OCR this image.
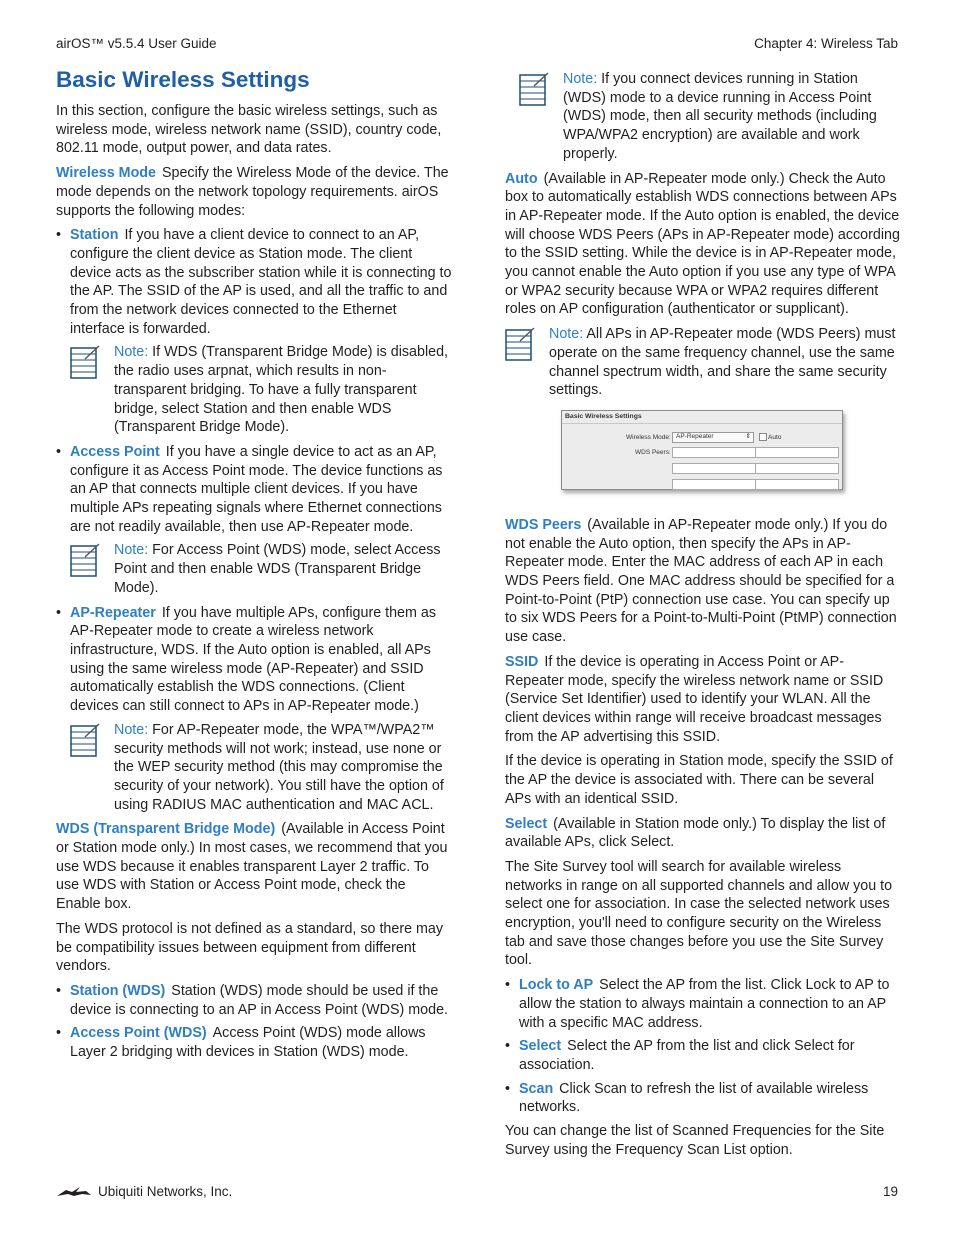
airOS™ v5.5.4 User Guide	Chapter 4: Wireless Tab
Basic Wireless Settings

In this section, configure the basic wireless settings, such as wireless mode, wireless network name (SSID), country code, 802.11 mode, output power, and data rates.

Wireless Mode Specify the Wireless Mode of the device. The mode depends on the network topology requirements. airOS supports the following modes:

• Station If you have a client device to connect to an AP, configure the client device as Station mode. The client device acts as the subscriber station while it is connecting to the AP. The SSID of the AP is used, and all the traffic to and from the network devices connected to the Ethernet interface is forwarded.
Note: If WDS (Transparent Bridge Mode) is disabled, the radio uses arpnat, which results in non-transparent bridging. To have a fully transparent bridge, select Station and then enable WDS (Transparent Bridge Mode).
• Access Point If you have a single device to act as an AP, configure it as Access Point mode. The device functions as an AP that connects multiple client devices. If you have multiple APs repeating signals where Ethernet connections are not readily available, then use AP-Repeater mode.
Note: For Access Point (WDS) mode, select Access Point and then enable WDS (Transparent Bridge Mode).
• AP-Repeater If you have multiple APs, configure them as AP-Repeater mode to create a wireless network infrastructure, WDS. If the Auto option is enabled, all APs using the same wireless mode (AP-Repeater) and SSID automatically establish the WDS connections. (Client devices can still connect to APs in AP-Repeater mode.)
Note: For AP-Repeater mode, the WPA™/WPA2™ security methods will not work; instead, use none or the WEP security method (this may compromise the security of your network). You still have the option of using RADIUS MAC authentication and MAC ACL.

WDS (Transparent Bridge Mode) (Available in Access Point or Station mode only.) In most cases, we recommend that you use WDS because it enables transparent Layer 2 traffic. To use WDS with Station or Access Point mode, check the Enable box.

The WDS protocol is not defined as a standard, so there may be compatibility issues between equipment from different vendors.

• Station (WDS) Station (WDS) mode should be used if the device is connecting to an AP in Access Point (WDS) mode.
• Access Point (WDS) Access Point (WDS) mode allows Layer 2 bridging with devices in Station (WDS) mode.
Note: If you connect devices running in Station (WDS) mode to a device running in Access Point (WDS) mode, then all security methods (including WPA/WPA2 encryption) are available and work properly.

Auto (Available in AP-Repeater mode only.) Check the Auto box to automatically establish WDS connections between APs in AP-Repeater mode. If the Auto option is enabled, the device will choose WDS Peers (APs in AP-Repeater mode) according to the SSID setting. While the device is in AP-Repeater mode, you cannot enable the Auto option if you use any type of WPA or WPA2 security because WPA or WPA2 requires different roles on AP configuration (authenticator or supplicant).

Note: All APs in AP-Repeater mode (WDS Peers) must operate on the same frequency channel, use the same channel spectrum width, and share the same security settings.
Basic Wireless Settings
Wireless Mode: AP-Repeater	⇕	Auto
WDS Peers:

WDS Peers (Available in AP-Repeater mode only.) If you do not enable the Auto option, then specify the APs in AP-Repeater mode. Enter the MAC address of each AP in each WDS Peers field. One MAC address should be specified for a Point-to-Point (PtP) connection use case. You can specify up to six WDS Peers for a Point-to-Multi-Point (PtMP) connection use case.

SSID If the device is operating in Access Point or AP-Repeater mode, specify the wireless network name or SSID (Service Set Identifier) used to identify your WLAN. All the client devices within range will receive broadcast messages from the AP advertising this SSID.

If the device is operating in Station mode, specify the SSID of the AP the device is associated with. There can be several APs with an identical SSID.

Select (Available in Station mode only.) To display the list of available APs, click Select.

The Site Survey tool will search for available wireless networks in range on all supported channels and allow you to select one for association. In case the selected network uses encryption, you'll need to configure security on the Wireless tab and save those changes before you use the Site Survey tool.

• Lock to AP Select the AP from the list. Click Lock to AP to allow the station to always maintain a connection to an AP with a specific MAC address.
• Select Select the AP from the list and click Select for association.
• Scan Click Scan to refresh the list of available wireless networks.

You can change the list of Scanned Frequencies for the Site Survey using the Frequency Scan List option.

Ubiquiti Networks, Inc.	19
